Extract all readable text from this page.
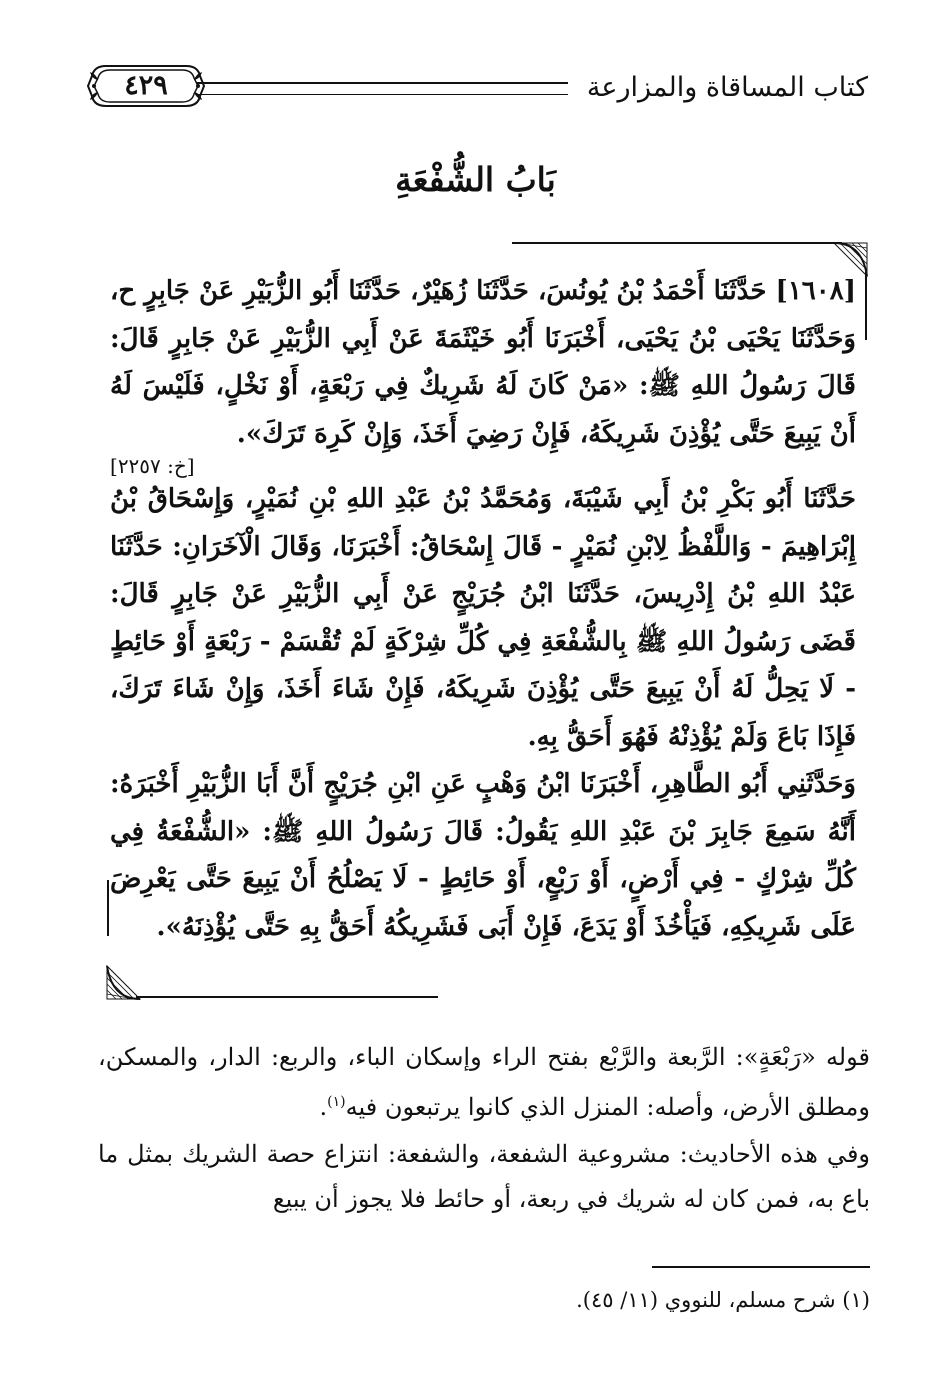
كتاب المساقاة والمزارعة
٤٢٩
بَابُ الشُّفْعَةِ

[١٦٠٨] حَدَّثَنَا أَحْمَدُ بْنُ يُونُسَ، حَدَّثَنَا زُهَيْرٌ، حَدَّثَنَا أَبُو الزُّبَيْرِ عَنْ جَابِرٍ ح، وَحَدَّثَنَا يَحْيَى بْنُ يَحْيَى، أَخْبَرَنَا أَبُو خَيْثَمَةَ عَنْ أَبِي الزُّبَيْرِ عَنْ جَابِرٍ قَالَ: قَالَ رَسُولُ اللهِ ﷺ: «مَنْ كَانَ لَهُ شَرِيكٌ فِي رَبْعَةٍ، أَوْ نَخْلٍ، فَلَيْسَ لَهُ أَنْ يَبِيعَ حَتَّى يُؤْذِنَ شَرِيكَهُ، فَإِنْ رَضِيَ أَخَذَ، وَإِنْ كَرِهَ تَرَكَ».

[خ: ٢٢٥٧]

حَدَّثَنَا أَبُو بَكْرِ بْنُ أَبِي شَيْبَةَ، وَمُحَمَّدُ بْنُ عَبْدِ اللهِ بْنِ نُمَيْرٍ، وَإِسْحَاقُ بْنُ إِبْرَاهِيمَ - وَاللَّفْظُ لِابْنِ نُمَيْرٍ - قَالَ إِسْحَاقُ: أَخْبَرَنَا، وَقَالَ الْآخَرَانِ: حَدَّثَنَا عَبْدُ اللهِ بْنُ إِدْرِيسَ، حَدَّثَنَا ابْنُ جُرَيْجٍ عَنْ أَبِي الزُّبَيْرِ عَنْ جَابِرٍ قَالَ: قَضَى رَسُولُ اللهِ ﷺ بِالشُّفْعَةِ فِي كُلِّ شِرْكَةٍ لَمْ تُقْسَمْ - رَبْعَةٍ أَوْ حَائِطٍ - لَا يَحِلُّ لَهُ أَنْ يَبِيعَ حَتَّى يُؤْذِنَ شَرِيكَهُ، فَإِنْ شَاءَ أَخَذَ، وَإِنْ شَاءَ تَرَكَ، فَإِذَا بَاعَ وَلَمْ يُؤْذِنْهُ فَهُوَ أَحَقُّ بِهِ.

وَحَدَّثَنِي أَبُو الطَّاهِرِ، أَخْبَرَنَا ابْنُ وَهْبٍ عَنِ ابْنِ جُرَيْجٍ أَنَّ أَبَا الزُّبَيْرِ أَخْبَرَهُ: أَنَّهُ سَمِعَ جَابِرَ بْنَ عَبْدِ اللهِ يَقُولُ: قَالَ رَسُولُ اللهِ ﷺ: «الشُّفْعَةُ فِي كُلِّ شِرْكٍ - فِي أَرْضٍ، أَوْ رَبْعٍ، أَوْ حَائِطٍ - لَا يَصْلُحُ أَنْ يَبِيعَ حَتَّى يَعْرِضَ عَلَى شَرِيكِهِ، فَيَأْخُذَ أَوْ يَدَعَ، فَإِنْ أَبَى فَشَرِيكُهُ أَحَقُّ بِهِ حَتَّى يُؤْذِنَهُ».

قوله «رَبْعَةٍ»: الرَّبعة والرَّبْع بفتح الراء وإسكان الباء، والربع: الدار، والمسكن، ومطلق الأرض، وأصله: المنزل الذي كانوا يرتبعون فيه$^{(١)}$.

وفي هذه الأحاديث: مشروعية الشفعة، والشفعة: انتزاع حصة الشريك بمثل ما باع به، فمن كان له شريك في ربعة، أو حائط فلا يجوز أن يبيع

(١) شرح مسلم، للنووي (١١/ ٤٥).
